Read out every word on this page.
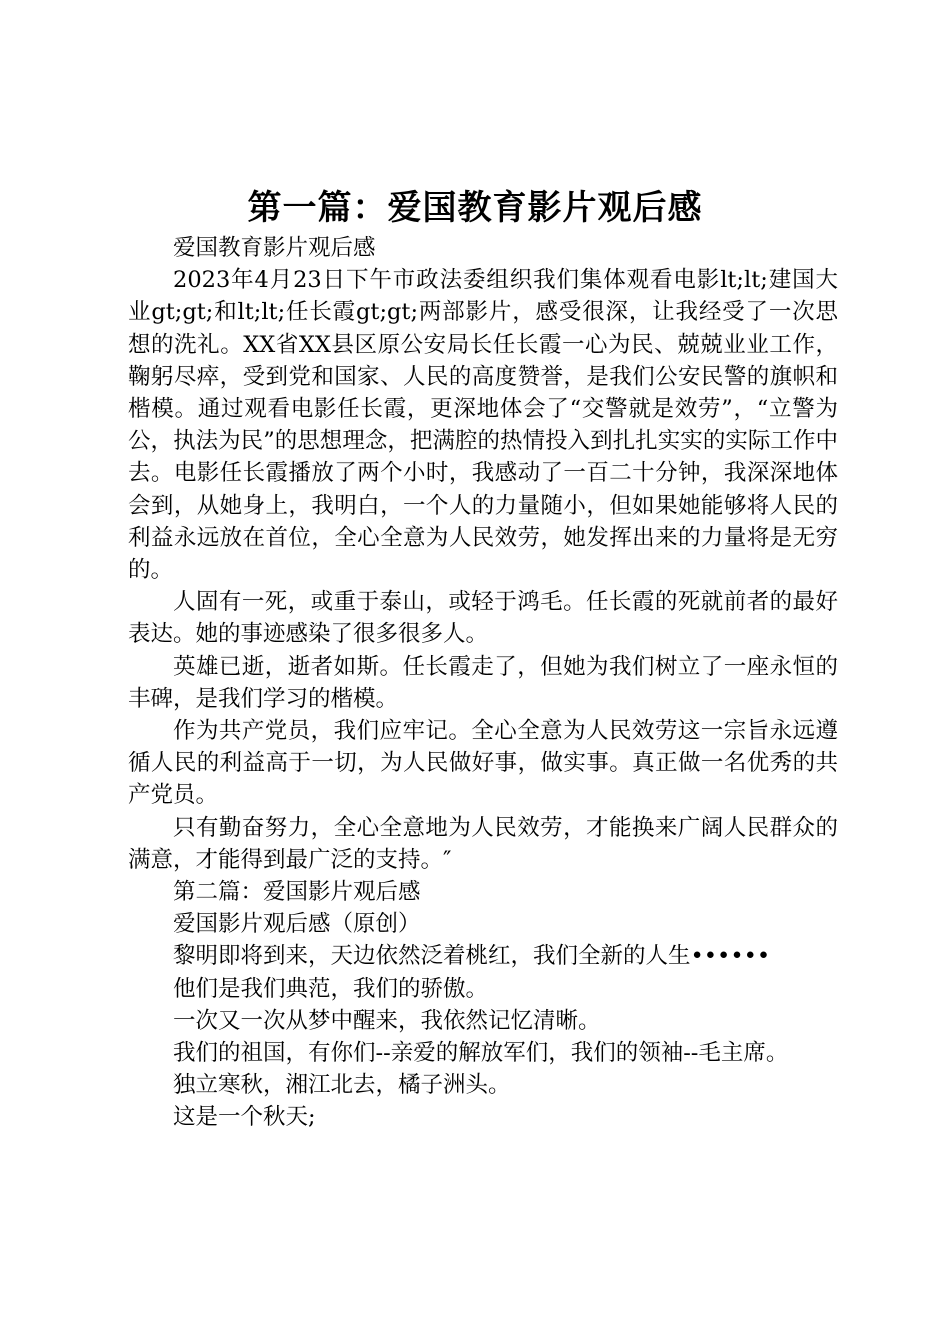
第一篇：爱国教育影片观后感

爱国教育影片观后感

2023年4月23日下午市政法委组织我们集体观看电影lt;lt;建国大业gt;gt;和lt;lt;任长霞gt;gt;两部影片，感受很深，让我经受了一次思想的洗礼。XX省XX县区原公安局长任长霞一心为民、兢兢业业工作，鞠躬尽瘁，受到党和国家、人民的高度赞誉，是我们公安民警的旗帜和楷模。通过观看电影任长霞，更深地体会了“交警就是效劳”，“立警为公，执法为民”的思想理念，把满腔的热情投入到扎扎实实的实际工作中去。电影任长霞播放了两个小时，我感动了一百二十分钟，我深深地体会到，从她身上，我明白，一个人的力量随小，但如果她能够将人民的利益永远放在首位，全心全意为人民效劳，她发挥出来的力量将是无穷的。

人固有一死，或重于泰山，或轻于鸿毛。任长霞的死就前者的最好表达。她的事迹感染了很多很多人。

英雄已逝，逝者如斯。任长霞走了，但她为我们树立了一座永恒的丰碑，是我们学习的楷模。

作为共产党员，我们应牢记。全心全意为人民效劳这一宗旨永远遵循人民的利益高于一切，为人民做好事，做实事。真正做一名优秀的共产党员。

只有勤奋努力，全心全意地为人民效劳，才能换来广阔人民群众的满意，才能得到最广泛的支持。″

第二篇：爱国影片观后感

爱国影片观后感（原创）

黎明即将到来，天边依然泛着桃红，我们全新的人生••••••

他们是我们典范，我们的骄傲。

一次又一次从梦中醒来，我依然记忆清晰。

我们的祖国，有你们--亲爱的解放军们，我们的领袖--毛主席。

独立寒秋，湘江北去，橘子洲头。

这是一个秋天;
